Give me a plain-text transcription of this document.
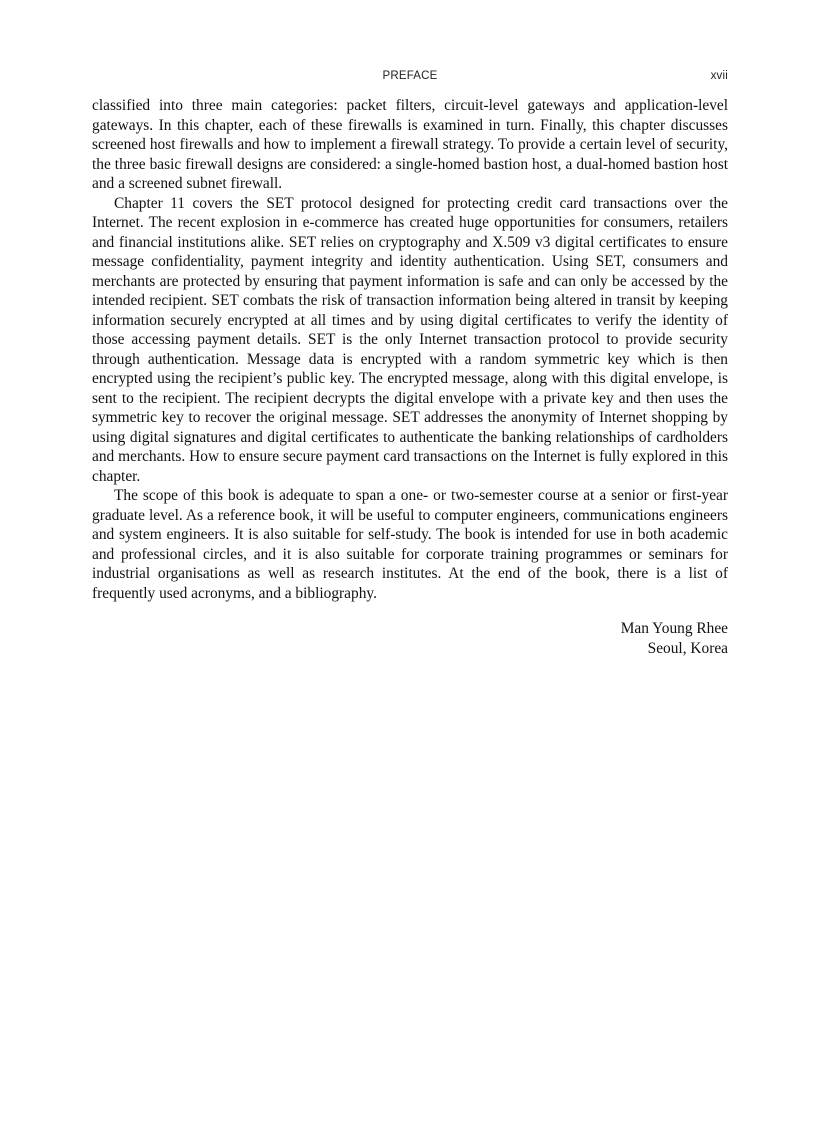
PREFACE	xvii

classified into three main categories: packet filters, circuit-level gateways and application-level gateways. In this chapter, each of these firewalls is examined in turn. Finally, this chapter discusses screened host firewalls and how to implement a firewall strategy. To provide a certain level of security, the three basic firewall designs are considered: a single-homed bastion host, a dual-homed bastion host and a screened subnet firewall.

Chapter 11 covers the SET protocol designed for protecting credit card transactions over the Internet. The recent explosion in e-commerce has created huge opportunities for consumers, retailers and financial institutions alike. SET relies on cryptography and X.509 v3 digital certificates to ensure message confidentiality, payment integrity and identity authentication. Using SET, consumers and merchants are protected by ensuring that payment information is safe and can only be accessed by the intended recipient. SET combats the risk of transaction information being altered in transit by keeping information securely encrypted at all times and by using digital certificates to verify the identity of those accessing payment details. SET is the only Internet transaction protocol to provide security through authentication. Message data is encrypted with a random symmetric key which is then encrypted using the recipient’s public key. The encrypted message, along with this digital envelope, is sent to the recipient. The recipient decrypts the digital envelope with a private key and then uses the symmetric key to recover the original message. SET addresses the anonymity of Internet shopping by using digital signatures and digital certificates to authenticate the banking relationships of cardholders and merchants. How to ensure secure payment card transactions on the Internet is fully explored in this chapter.

The scope of this book is adequate to span a one- or two-semester course at a senior or first-year graduate level. As a reference book, it will be useful to computer engineers, communications engineers and system engineers. It is also suitable for self-study. The book is intended for use in both academic and professional circles, and it is also suitable for corporate training programmes or seminars for industrial organisations as well as research institutes. At the end of the book, there is a list of frequently used acronyms, and a bibliography.

Man Young Rhee
Seoul, Korea
